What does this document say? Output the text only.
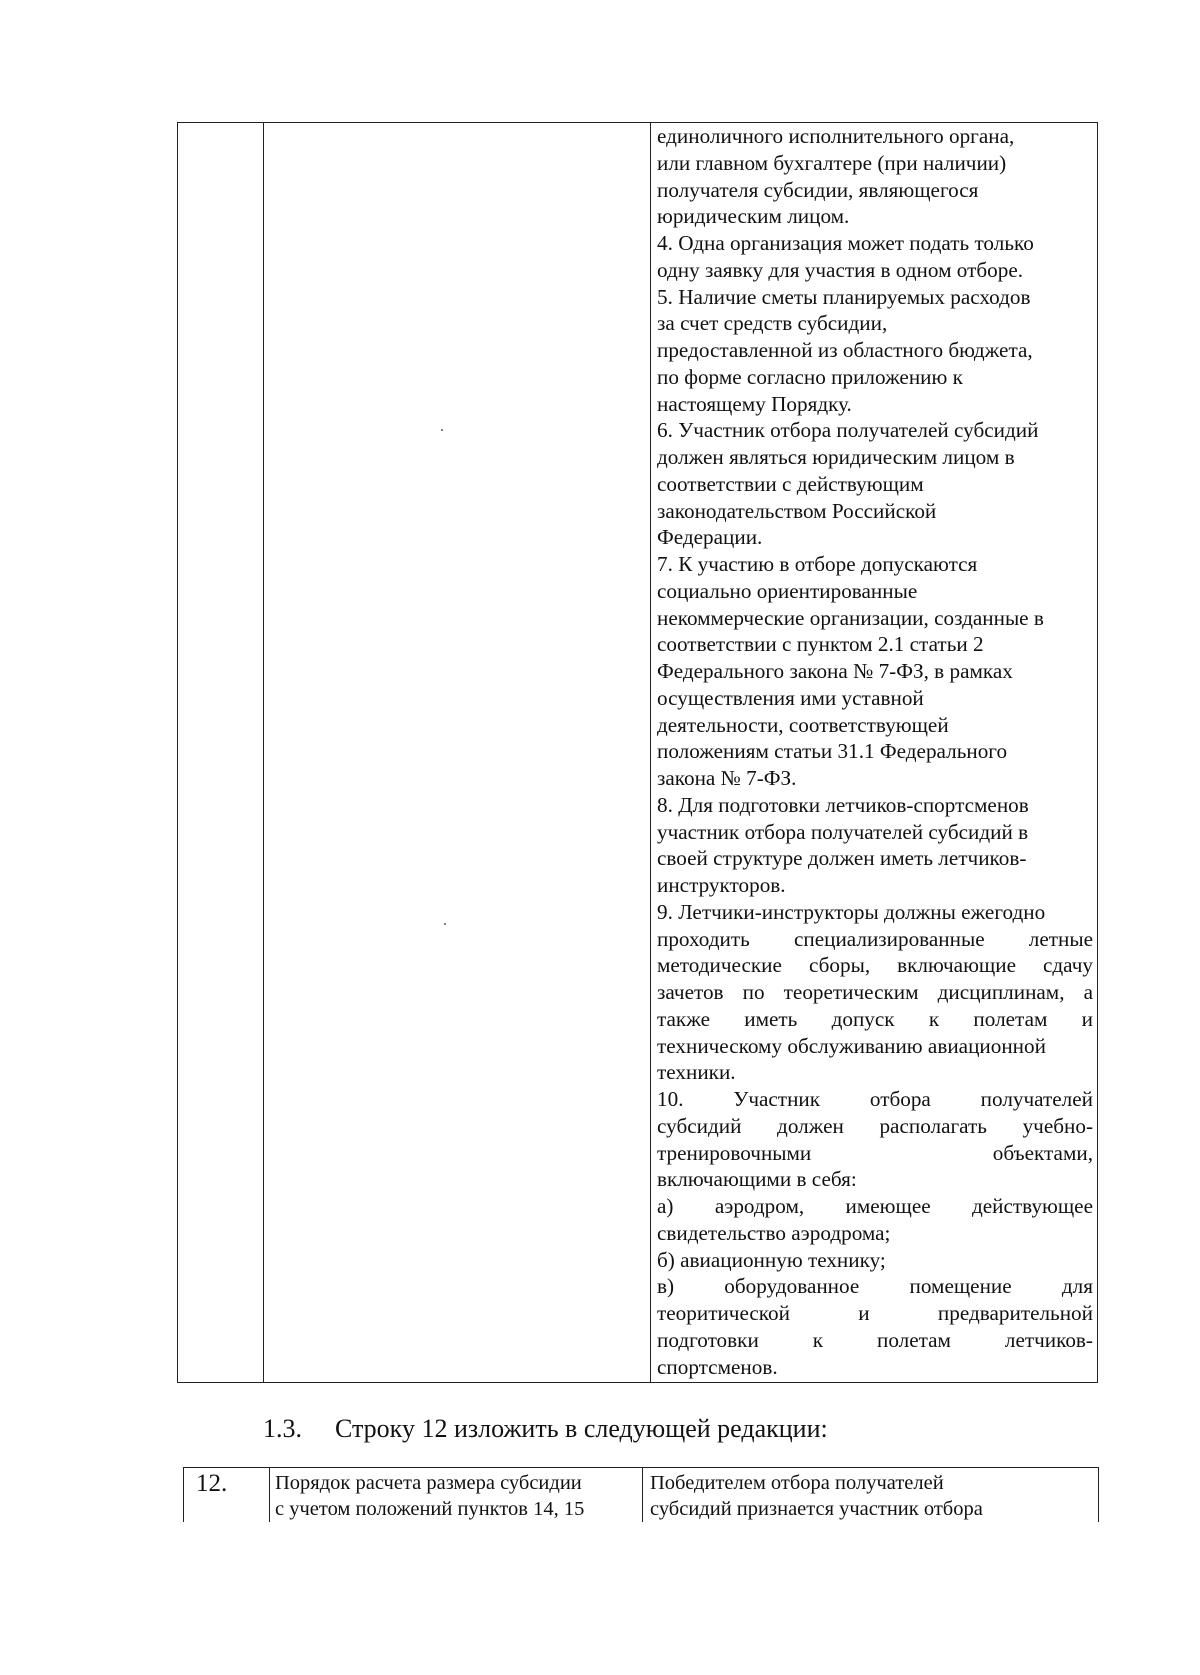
единоличного исполнительного органа,
или главном бухгалтере (при наличии)
получателя субсидии, являющегося
юридическим лицом.
4. Одна организация может подать только
одну заявку для участия в одном отборе.
5. Наличие сметы планируемых расходов
за счет средств субсидии,
предоставленной из областного бюджета,
по форме согласно приложению к
настоящему Порядку.
6. Участник отбора получателей субсидий
должен являться юридическим лицом в
соответствии с действующим
законодательством Российской
Федерации.
7. К участию в отборе допускаются
социально ориентированные
некоммерческие организации, созданные в
соответствии с пунктом 2.1 статьи 2
Федерального закона № 7-ФЗ, в рамках
осуществления ими уставной
деятельности, соответствующей
положениям статьи 31.1 Федерального
закона № 7-ФЗ.
8. Для подготовки летчиков-спортсменов
участник отбора получателей субсидий в
своей структуре должен иметь летчиков-
инструкторов.
9. Летчики-инструкторы должны ежегодно
проходить специализированные летные
методические сборы, включающие сдачу
зачетов по теоретическим дисциплинам, а
также иметь допуск к полетам и
техническому обслуживанию авиационной
техники.
10. Участник отбора получателей
субсидий должен располагать учебно-
тренировочными объектами,
включающими в себя:
а) аэродром, имеющее действующее
свидетельство аэродрома;
б) авиационную технику;
в) оборудованное помещение для
теоритической и предварительной
подготовки к полетам летчиков-
спортсменов.
1.3. Строку 12 изложить в следующей редакции:
12. Порядок расчета размера субсидии
с учетом положений пунктов 14, 15
Победителем отбора получателей
субсидий признается участник отбора
